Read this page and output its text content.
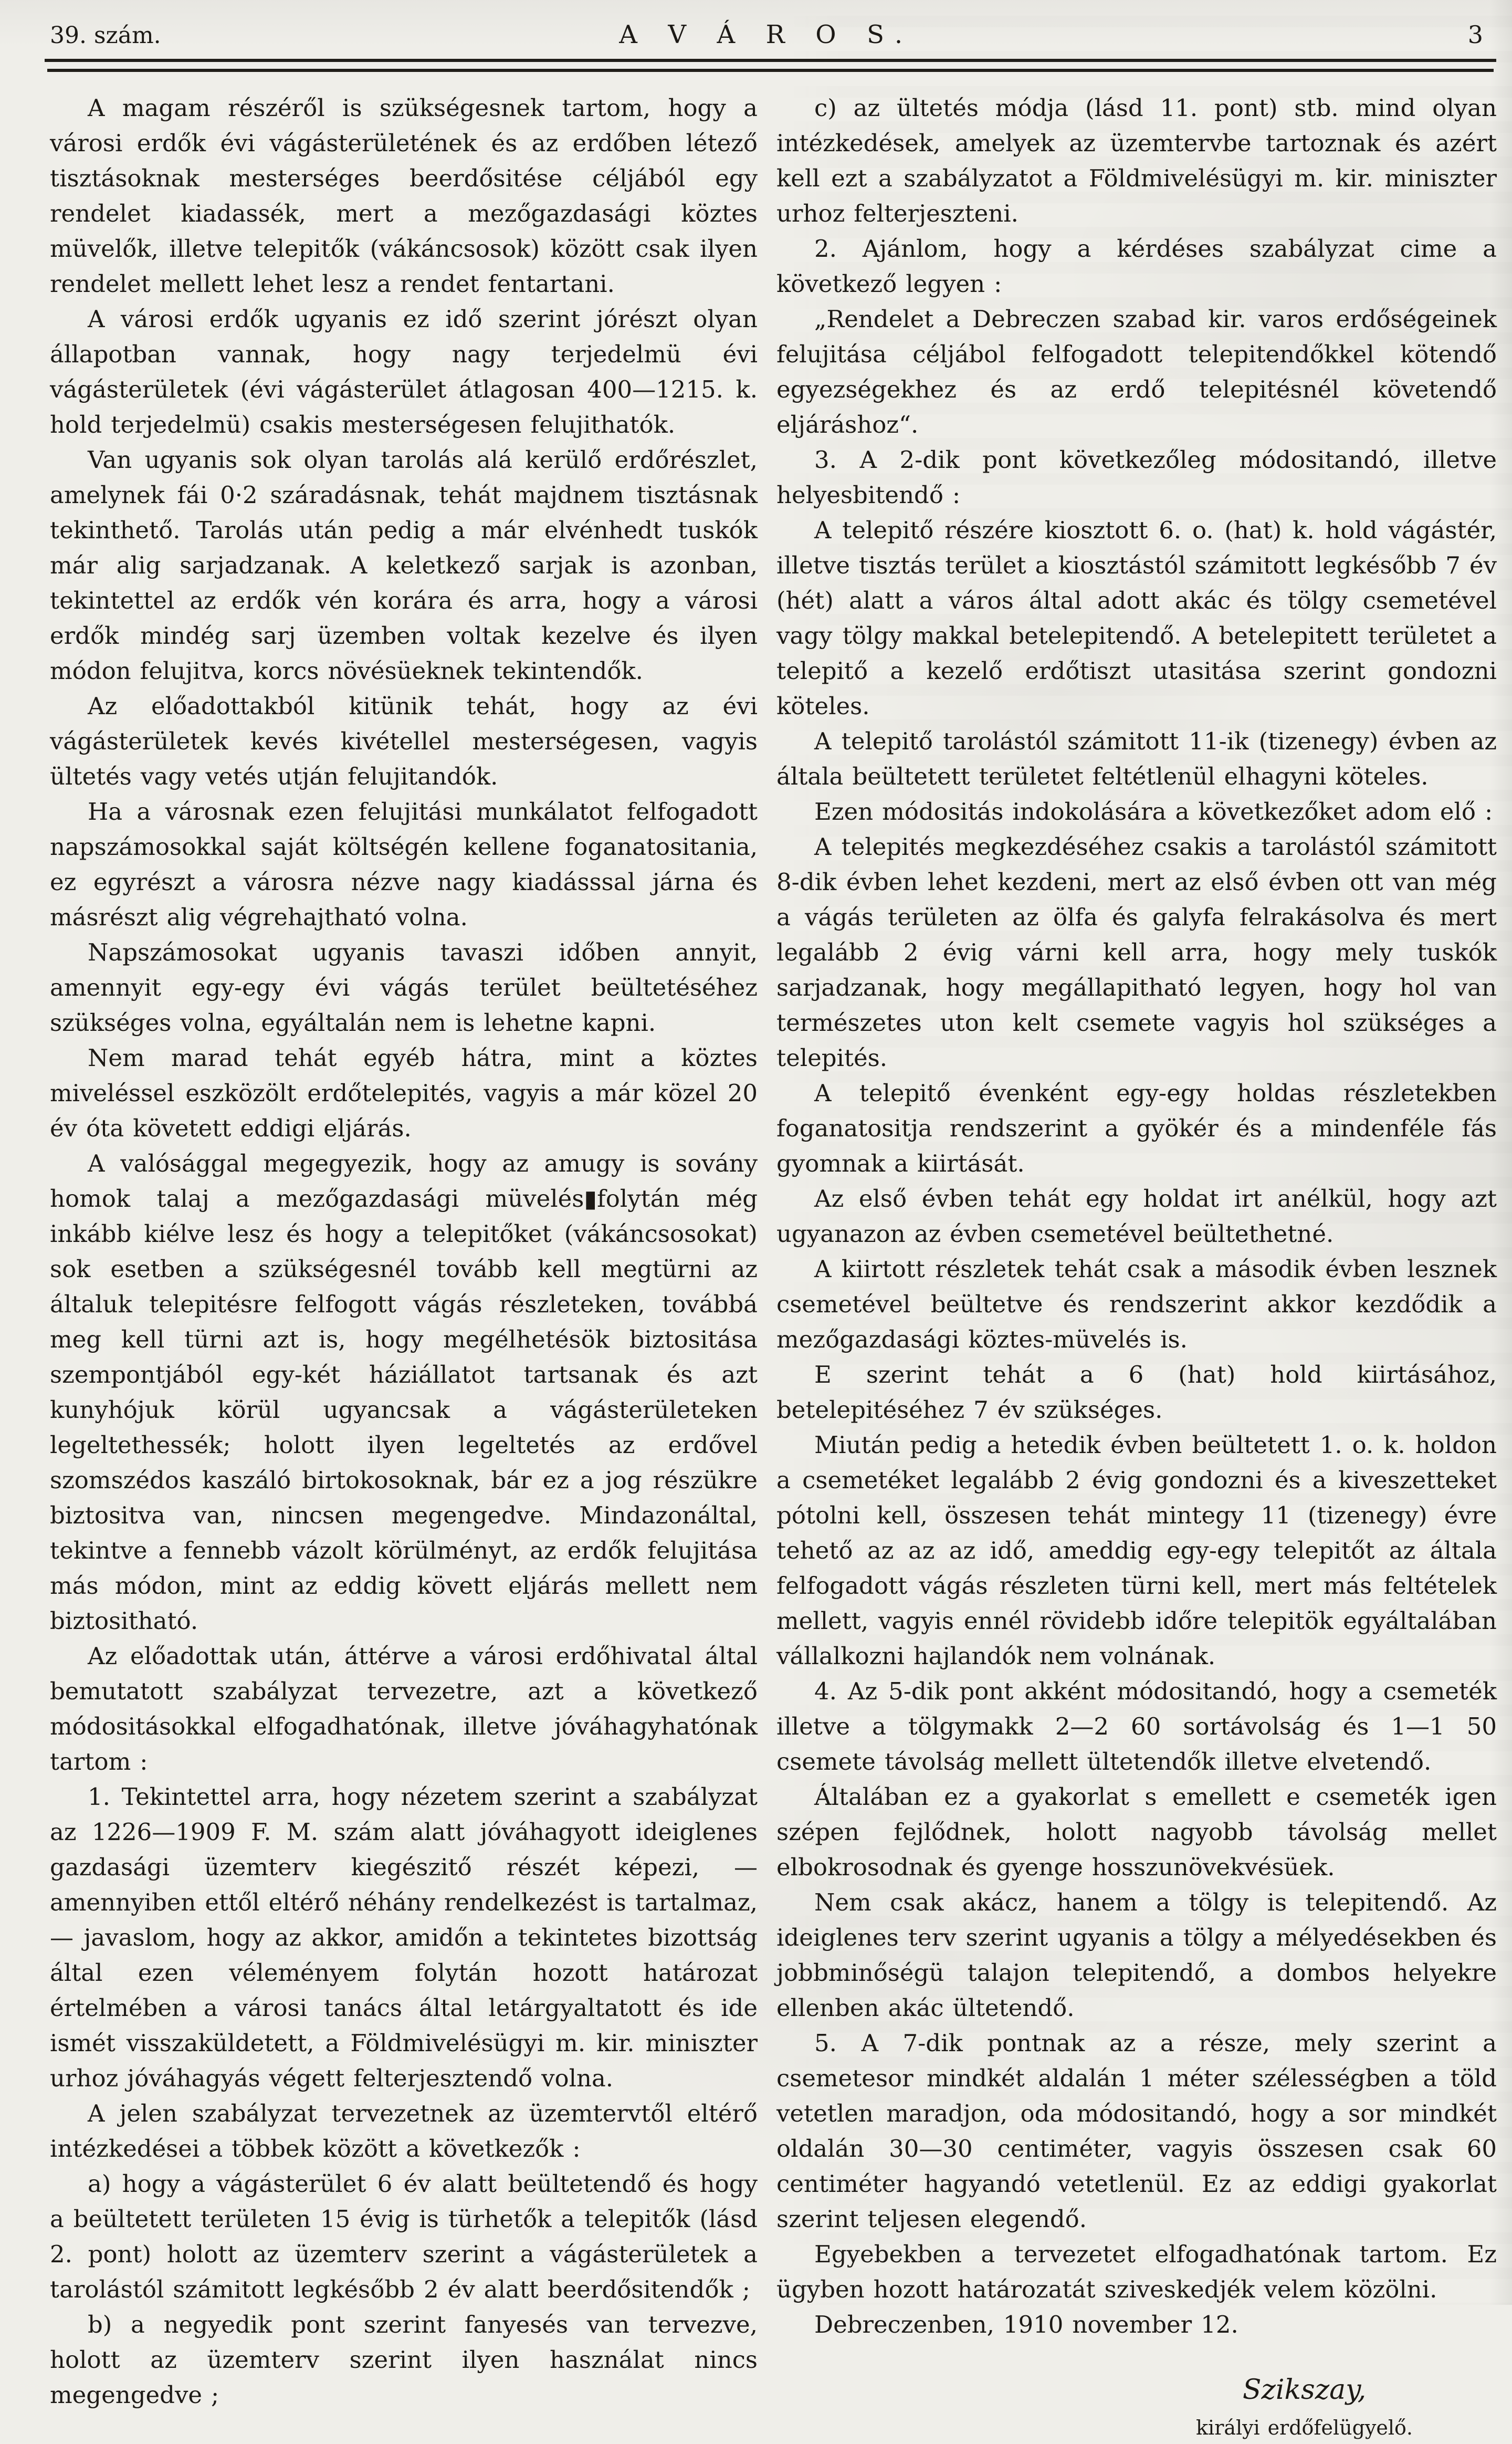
39. szám.	A V Á R O S.	3

A magam részéről is szükségesnek tartom, hogy a városi erdők évi vágásterületének és az erdőben létező tisztásoknak mesterséges beerdősitése céljából egy rendelet kiadassék, mert a mezőgazdasági köztes müvelők, illetve telepitők (vákáncsosok) között csak ilyen rendelet mellett lehet lesz a rendet fentartani.

A városi erdők ugyanis ez idő szerint jórészt olyan állapotban vannak, hogy nagy terjedelmü évi vágásterületek (évi vágásterület átlagosan 400—1215. k. hold terjedelmü) csakis mesterségesen felujithatók.

Van ugyanis sok olyan tarolás alá kerülő erdőrészlet, amelynek fái 0·2 száradásnak, tehát majdnem tisztásnak tekinthető. Tarolás után pedig a már elvénhedt tuskók már alig sarjadzanak. A keletkező sarjak is azonban, tekintettel az erdők vén korára és arra, hogy a városi erdők mindég sarj üzemben voltak kezelve és ilyen módon felujitva, korcs növésüeknek tekintendők.

Az előadottakból kitünik tehát, hogy az évi vágásterületek kevés kivétellel mesterségesen, vagyis ültetés vagy vetés utján felujitandók.

Ha a városnak ezen felujitási munkálatot felfogadott napszámosokkal saját költségén kellene foganatositania, ez egyrészt a városra nézve nagy kiadásssal járna és másrészt alig végrehajtható volna.

Napszámosokat ugyanis tavaszi időben annyit, amennyit egy-egy évi vágás terület beültetéséhez szükséges volna, egyáltalán nem is lehetne kapni.

Nem marad tehát egyéb hátra, mint a köztes miveléssel eszközölt erdőtelepités, vagyis a már közel 20 év óta követett eddigi eljárás.

A valósággal megegyezik, hogy az amugy is sovány homok talaj a mezőgazdasági müvelés▮folytán még inkább kiélve lesz és hogy a telepitőket (vákáncsosokat) sok esetben a szükségesnél tovább kell megtürni az általuk telepitésre felfogott vágás részleteken, továbbá meg kell türni azt is, hogy megélhetésök biztositása szempontjából egy-két háziállatot tartsanak és azt kunyhójuk körül ugyancsak a vágásterületeken legeltethessék; holott ilyen legeltetés az erdővel szomszédos kaszáló birtokosoknak, bár ez a jog részükre biztositva van, nincsen megengedve. Mindazonáltal, tekintve a fennebb vázolt körülményt, az erdők felujitása más módon, mint az eddig követt eljárás mellett nem biztositható.

Az előadottak után, áttérve a városi erdőhivatal által bemutatott szabályzat tervezetre, azt a következő módositásokkal elfogadhatónak, illetve jóváhagyhatónak tartom :

1. Tekintettel arra, hogy nézetem szerint a szabályzat az 1226—1909 F. M. szám alatt jóváhagyott ideiglenes gazdasági üzemterv kiegészitő részét képezi, — amennyiben ettől eltérő néhány rendelkezést is tartalmaz, — javaslom, hogy az akkor, amidőn a tekintetes bizottság által ezen véleményem folytán hozott határozat értelmében a városi tanács által letárgyaltatott és ide ismét visszaküldetett, a Földmivelésügyi m. kir. miniszter urhoz jóváhagyás végett felterjesztendő volna.

A jelen szabályzat tervezetnek az üzemtervtől eltérő intézkedései a többek között a következők :

a) hogy a vágásterület 6 év alatt beültetendő és hogy a beültetett területen 15 évig is türhetők a telepitők (lásd 2. pont) holott az üzemterv szerint a vágásterületek a tarolástól számitott legkésőbb 2 év alatt beerdősitendők ;

b) a negyedik pont szerint fanyesés van tervezve, holott az üzemterv szerint ilyen használat nincs megengedve ;

c) az ültetés módja (lásd 11. pont) stb. mind olyan intézkedések, amelyek az üzemtervbe tartoznak és azért kell ezt a szabályzatot a Földmivelésügyi m. kir. miniszter urhoz felterjeszteni.

2. Ajánlom, hogy a kérdéses szabályzat cime a következő legyen :

„Rendelet a Debreczen szabad kir. varos erdőségeinek felujitása céljábol felfogadott telepitendőkkel kötendő egyezségekhez és az erdő telepitésnél követendő eljáráshoz“.

3. A 2-dik pont következőleg módositandó, illetve helyesbitendő :

A telepitő részére kiosztott 6. o. (hat) k. hold vágástér, illetve tisztás terület a kiosztástól számitott legkésőbb 7 év (hét) alatt a város által adott akác és tölgy csemetével vagy tölgy makkal betelepitendő. A betelepitett területet a telepitő a kezelő erdőtiszt utasitása szerint gondozni köteles.

A telepitő tarolástól számitott 11-ik (tizenegy) évben az általa beültetett területet feltétlenül elhagyni köteles.

Ezen módositás indokolására a következőket adom elő :

A telepités megkezdéséhez csakis a tarolástól számitott 8-dik évben lehet kezdeni, mert az első évben ott van még a vágás területen az ölfa és galyfa felrakásolva és mert legalább 2 évig várni kell arra, hogy mely tuskók sarjadzanak, hogy megállapitható legyen, hogy hol van természetes uton kelt csemete vagyis hol szükséges a telepités.

A telepitő évenként egy-egy holdas részletekben foganatositja rendszerint a gyökér és a mindenféle fás gyomnak a kiirtását.

Az első évben tehát egy holdat irt anélkül, hogy azt ugyanazon az évben csemetével beültethetné.

A kiirtott részletek tehát csak a második évben lesznek csemetével beültetve és rendszerint akkor kezdődik a mezőgazdasági köztes-müvelés is.

E szerint tehát a 6 (hat) hold kiirtásához, betelepitéséhez 7 év szükséges.

Miután pedig a hetedik évben beültetett 1. o. k. holdon a csemetéket legalább 2 évig gondozni és a kiveszetteket pótolni kell, összesen tehát mintegy 11 (tizenegy) évre tehető az az az idő, ameddig egy-egy telepitőt az általa felfogadott vágás részleten türni kell, mert más feltételek mellett, vagyis ennél rövidebb időre telepitök egyáltalában vállalkozni hajlandók nem volnának.

4. Az 5-dik pont akként módositandó, hogy a csemeték illetve a tölgymakk 2—2 60 sortávolság és 1—1 50 csemete távolság mellett ültetendők illetve elvetendő.

Általában ez a gyakorlat s emellett e csemeték igen szépen fejlődnek, holott nagyobb távolság mellet elbokrosodnak és gyenge hosszunövekvésüek.

Nem csak akácz, hanem a tölgy is telepitendő. Az ideiglenes terv szerint ugyanis a tölgy a mélyedésekben és jobbminőségü talajon telepitendő, a dombos helyekre ellenben akác ültetendő.

5. A 7-dik pontnak az a része, mely szerint a csemetesor mindkét aldalán 1 méter szélességben a töld vetetlen maradjon, oda módositandó, hogy a sor mindkét oldalán 30—30 centiméter, vagyis összesen csak 60 centiméter hagyandó vetetlenül. Ez az eddigi gyakorlat szerint teljesen elegendő.

Egyebekben a tervezetet elfogadhatónak tartom. Ez ügyben hozott határozatát sziveskedjék velem közölni.

Debreczenben, 1910 november 12.

Szikszay,
királyi erdőfelügyelő.
